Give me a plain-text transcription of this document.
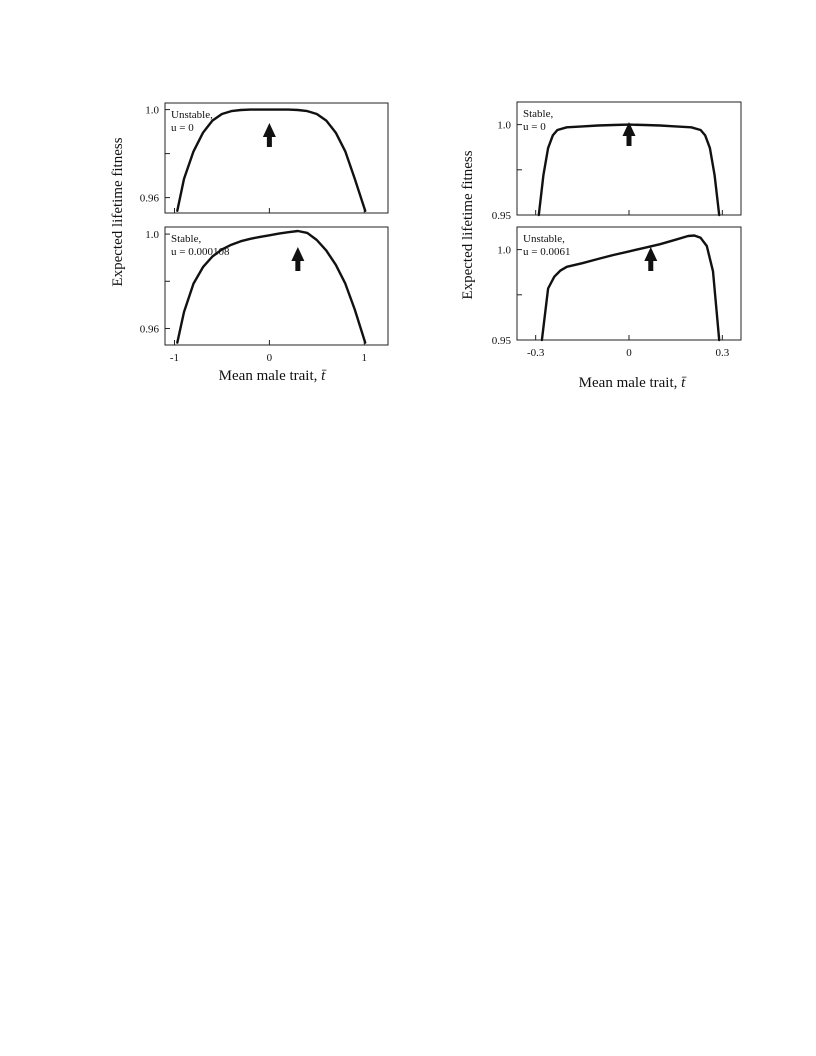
0.96
1.0 Unstable,
u = 0
0.96
1.0
-1	0	1
Stable,
u = 0.000108
0.95
1.0
Stable,
u = 0
0.95
1.0
-0.3	0	0.3
Unstable,
u = 0.0061
Expected lifetime fitness	Expected lifetime fitness
Mean male trait, t̄	Mean male trait, t̄
